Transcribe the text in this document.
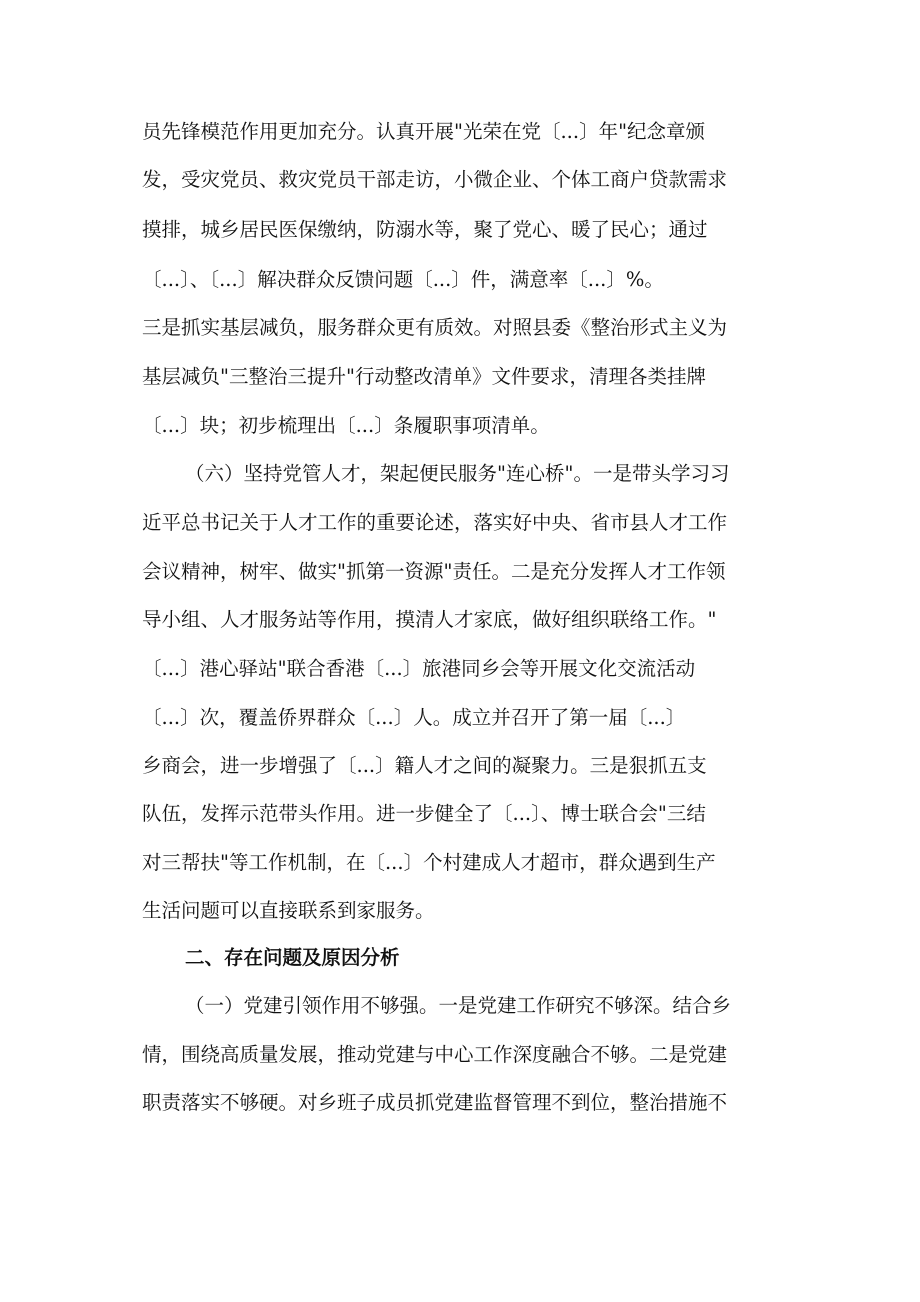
员先锋模范作用更加充分。认真开展"光荣在党〔...〕年"纪念章颁
发，受灾党员、救灾党员干部走访，小微企业、个体工商户贷款需求
摸排，城乡居民医保缴纳，防溺水等，聚了党心、暖了民心；通过
〔...〕、〔...〕解决群众反馈问题〔...〕件，满意率〔...〕%。
三是抓实基层减负，服务群众更有质效。对照县委《整治形式主义为
基层减负"三整治三提升"行动整改清单》文件要求，清理各类挂牌
〔...〕块；初步梳理出〔...〕条履职事项清单。
（六）坚持党管人才，架起便民服务"连心桥"。一是带头学习习
近平总书记关于人才工作的重要论述，落实好中央、省市县人才工作
会议精神，树牢、做实"抓第一资源"责任。二是充分发挥人才工作领
导小组、人才服务站等作用，摸清人才家底，做好组织联络工作。"
〔...〕港心驿站"联合香港〔...〕旅港同乡会等开展文化交流活动
〔...〕次，覆盖侨界群众〔...〕人。成立并召开了第一届〔...〕
乡商会，进一步增强了〔...〕籍人才之间的凝聚力。三是狠抓五支
队伍，发挥示范带头作用。进一步健全了〔...〕、博士联合会"三结
对三帮扶"等工作机制，在〔...〕个村建成人才超市，群众遇到生产
生活问题可以直接联系到家服务。
二、存在问题及原因分析
（一）党建引领作用不够强。一是党建工作研究不够深。结合乡
情，围绕高质量发展，推动党建与中心工作深度融合不够。二是党建
职责落实不够硬。对乡班子成员抓党建监督管理不到位，整治措施不
